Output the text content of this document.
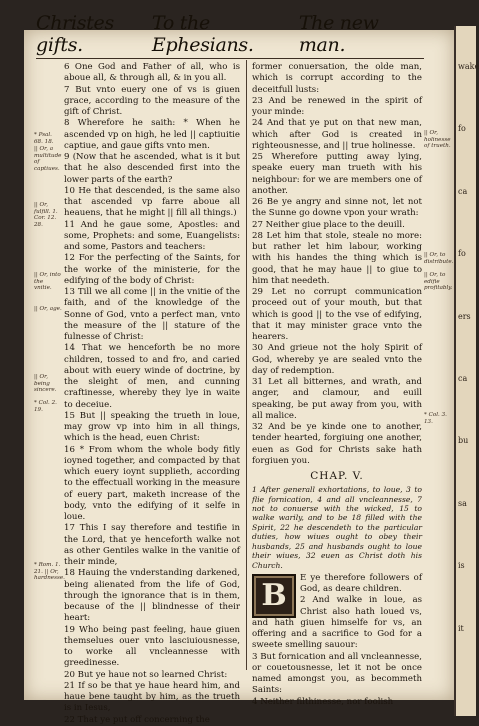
wake
fo
ca
fo
ers
ca
bu
sa
is
it
Christes gifts.
To the Ephesians.
The new man.
* Psal. 68. 18.
|| Or, a multitude of captiues.
|| Or, fulfill. 1. Cor. 12. 28.
|| Or, into the vnitie.
|| Or, age.
|| Or, being sincere.
* Col. 2. 19.
* Rom. 1. 21. || Or, hardnesse.
|| Or, holinesse of trueth.
|| Or, to distribute.
|| Or, to edifie profitably.
* Col. 3. 13.
6 One God and Father of all, who is aboue all, & through all, & in you all.
7 But vnto euery one of vs is giuen grace, according to the measure of the gift of Christ.
8 Wherefore he saith: * When he ascended vp on high, he led || captiuitie captiue, and gaue gifts vnto men.
9 (Now that he ascended, what is it but that he also descended first into the lower parts of the earth?
10 He that descended, is the same also that ascended vp farre aboue all heauens, that he might || fill all things.)
11 And he gaue some, Apostles: and some, Prophets: and some, Euangelists: and some, Pastors and teachers:
12 For the perfecting of the Saints, for the worke of the ministerie, for the edifying of the body of Christ:
13 Till we all come || in the vnitie of the faith, and of the knowledge of the Sonne of God, vnto a perfect man, vnto the measure of the || stature of the fulnesse of Christ:
14 That we henceforth be no more children, tossed to and fro, and caried about with euery winde of doctrine, by the sleight of men, and cunning craftinesse, whereby they lye in waite to deceiue.
15 But || speaking the trueth in loue, may grow vp into him in all things, which is the head, euen Christ:
16 * From whom the whole body fitly ioyned together, and compacted by that which euery ioynt supplieth, according to the effectuall working in the measure of euery part, maketh increase of the body, vnto the edifying of it selfe in loue.
17 This I say therefore and testifie in the Lord, that ye henceforth walke not as other Gentiles walke in the vanitie of their minde,
18 Hauing the vnderstanding darkened, being alienated from the life of God, through the ignorance that is in them, because of the || blindnesse of their heart:
19 Who being past feeling, haue giuen themselues ouer vnto lasciuiousnesse, to worke all vncleannesse with greedinesse.
20 But ye haue not so learned Christ:
21 If so be that ye haue heard him, and haue bene taught by him, as the trueth is in Iesus,
22 That ye put off concerning the
former conuersation, the olde man, which is corrupt according to the deceitfull lusts:
23 And be renewed in the spirit of your minde:
24 And that ye put on that new man, which after God is created in righteousnesse, and || true holinesse.
25 Wherefore putting away lying, speake euery man trueth with his neighbour: for we are members one of another.
26 Be ye angry and sinne not, let not the Sunne go downe vpon your wrath:
27 Neither giue place to the deuill.
28 Let him that stole, steale no more: but rather let him labour, working with his handes the thing which is good, that he may haue || to giue to him that needeth.
29 Let no corrupt communication proceed out of your mouth, but that which is good || to the vse of edifying, that it may minister grace vnto the hearers.
30 And grieue not the holy Spirit of God, whereby ye are sealed vnto the day of redemption.
31 Let all bitternes, and wrath, and anger, and clamour, and euill speaking, be put away from you, with all malice.
32 And be ye kinde one to another, tender hearted, forgiuing one another, euen as God for Christs sake hath forgiuen you.
CHAP. V.
1 After generall exhortations, to loue, 3 to flie fornication, 4 and all vncleannesse, 7 not to conuerse with the wicked, 15 to walke warily, and to be 18 filled with the Spirit, 22 he descendeth to the particular duties, how wiues ought to obey their husbands, 25 and husbands ought to loue their wiues, 32 euen as Christ doth his Church.
B
E ye therefore followers of God, as deare children.
2 And walke in loue, as Christ also hath loued vs, and hath giuen himselfe for vs, an offering and a sacrifice to God for a sweete smelling sauour:
3 But fornication and all vncleannesse, or couetousnesse, let it not be once named amongst you, as becommeth Saints:
4 Neither filthinesse, nor foolish
